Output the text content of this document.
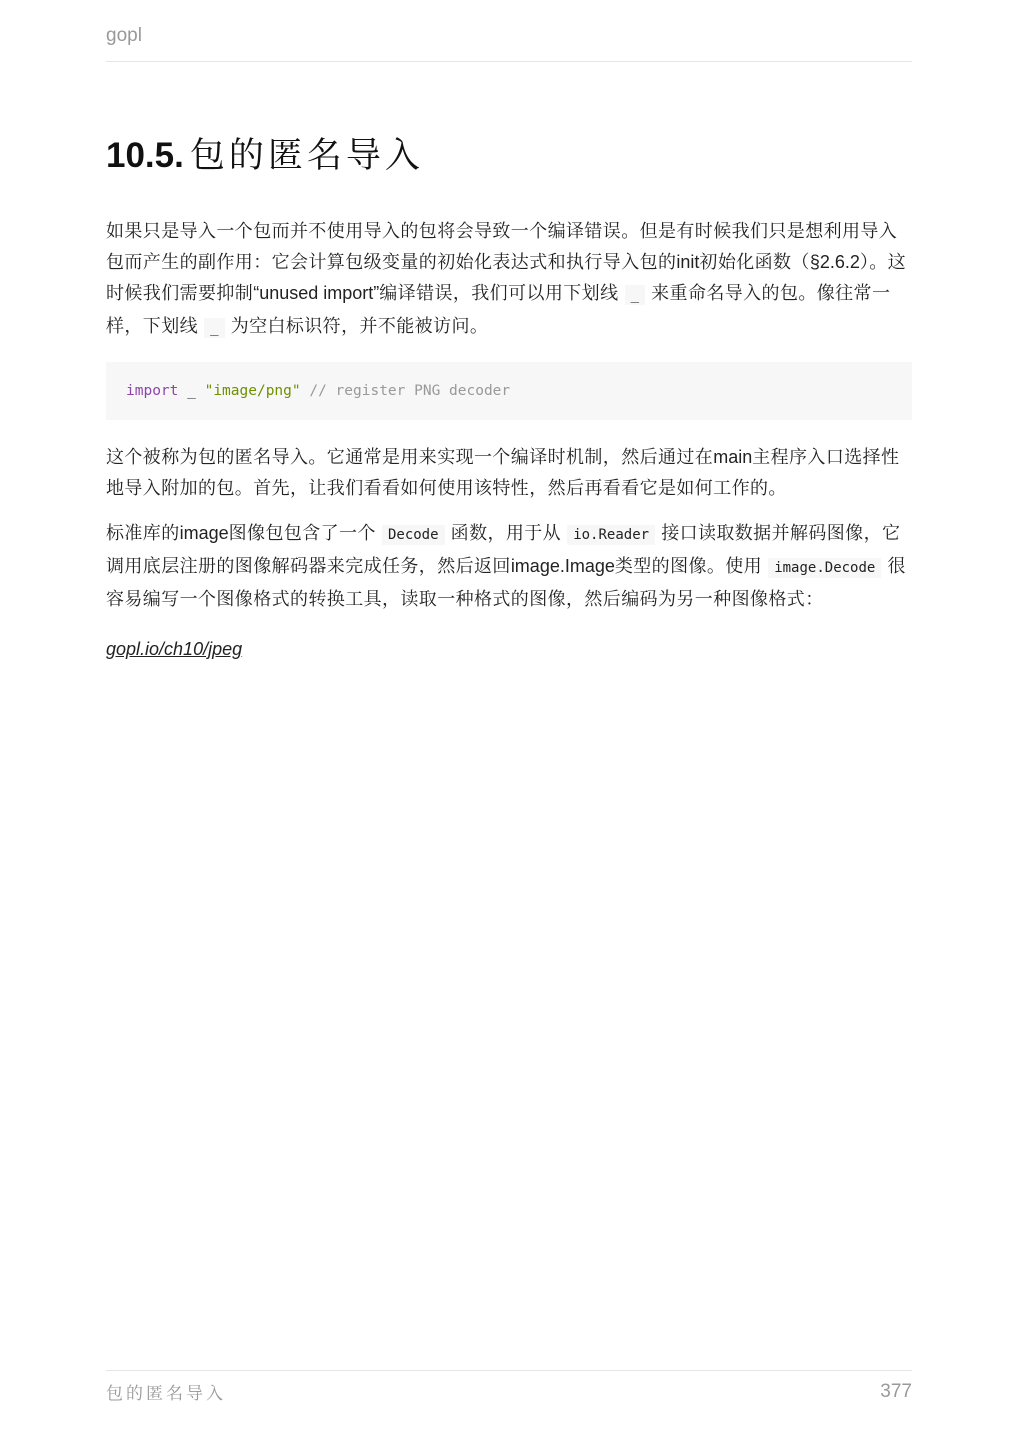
gopl
10.5. 包的匿名导入

如果只是导入一个包而并不使用导入的包将会导致一个编译错误。但是有时候我们只是想利用导入包而产生的副作用：它会计算包级变量的初始化表达式和执行导入包的init初始化函数（§2.6.2）。这时候我们需要抑制“unused import”编译错误，我们可以用下划线 _ 来重命名导入的包。像往常一样，下划线 _ 为空白标识符，并不能被访问。

import _ "image/png" // register PNG decoder

这个被称为包的匿名导入。它通常是用来实现一个编译时机制，然后通过在main主程序入口选择性地导入附加的包。首先，让我们看看如何使用该特性，然后再看看它是如何工作的。

标准库的image图像包包含了一个 Decode 函数，用于从 io.Reader 接口读取数据并解码图像，它调用底层注册的图像解码器来完成任务，然后返回image.Image类型的图像。使用 image.Decode 很容易编写一个图像格式的转换工具，读取一种格式的图像，然后编码为另一种图像格式：

gopl.io/ch10/jpeg
包的匿名导入	377
